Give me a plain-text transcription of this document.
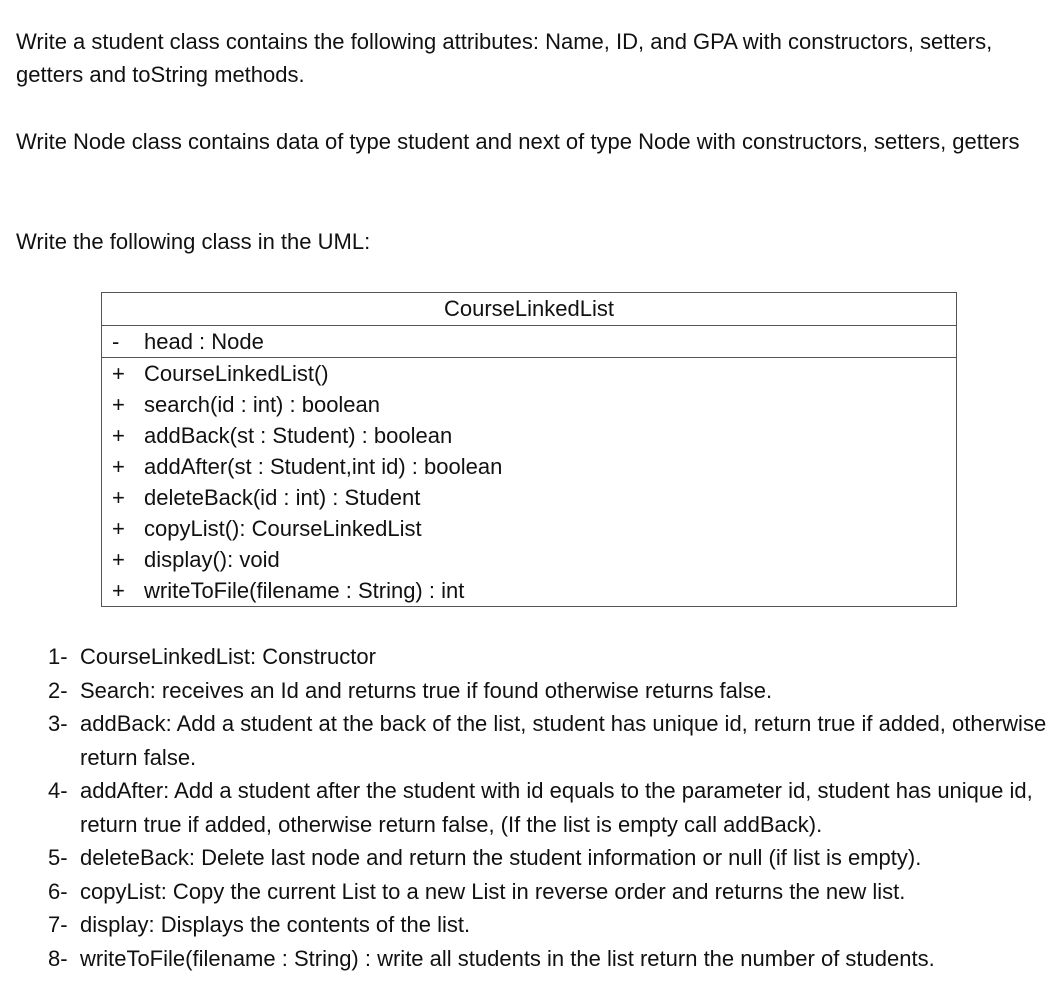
Write a student class contains the following attributes: Name, ID, and GPA with constructors, setters, getters and toString methods.

Write Node class contains data of type student and next of type Node with constructors, setters, getters

Write the following class in the UML:

CourseLinkedList
-	head : Node
+ CourseLinkedList()
+ search(id : int) : boolean
+ addBack(st : Student) : boolean
+ addAfter(st : Student,int id) : boolean
+ deleteBack(id : int) : Student
+ copyList(): CourseLinkedList
+ display(): void
+ writeToFile(filename : String) : int
1- CourseLinkedList: Constructor
2- Search: receives an Id and returns true if found otherwise returns false.
3- addBack: Add a student at the back of the list, student has unique id, return true if added, otherwise return false.
4- addAfter: Add a student after the student with id equals to the parameter id, student has unique id, return true if added, otherwise return false, (If the list is empty call addBack).
5- deleteBack: Delete last node and return the student information or null (if list is empty).
6- copyList: Copy the current List to a new List in reverse order and returns the new list.
7- display: Displays the contents of the list.
8- writeToFile(filename : String) : write all students in the list return the number of students.
